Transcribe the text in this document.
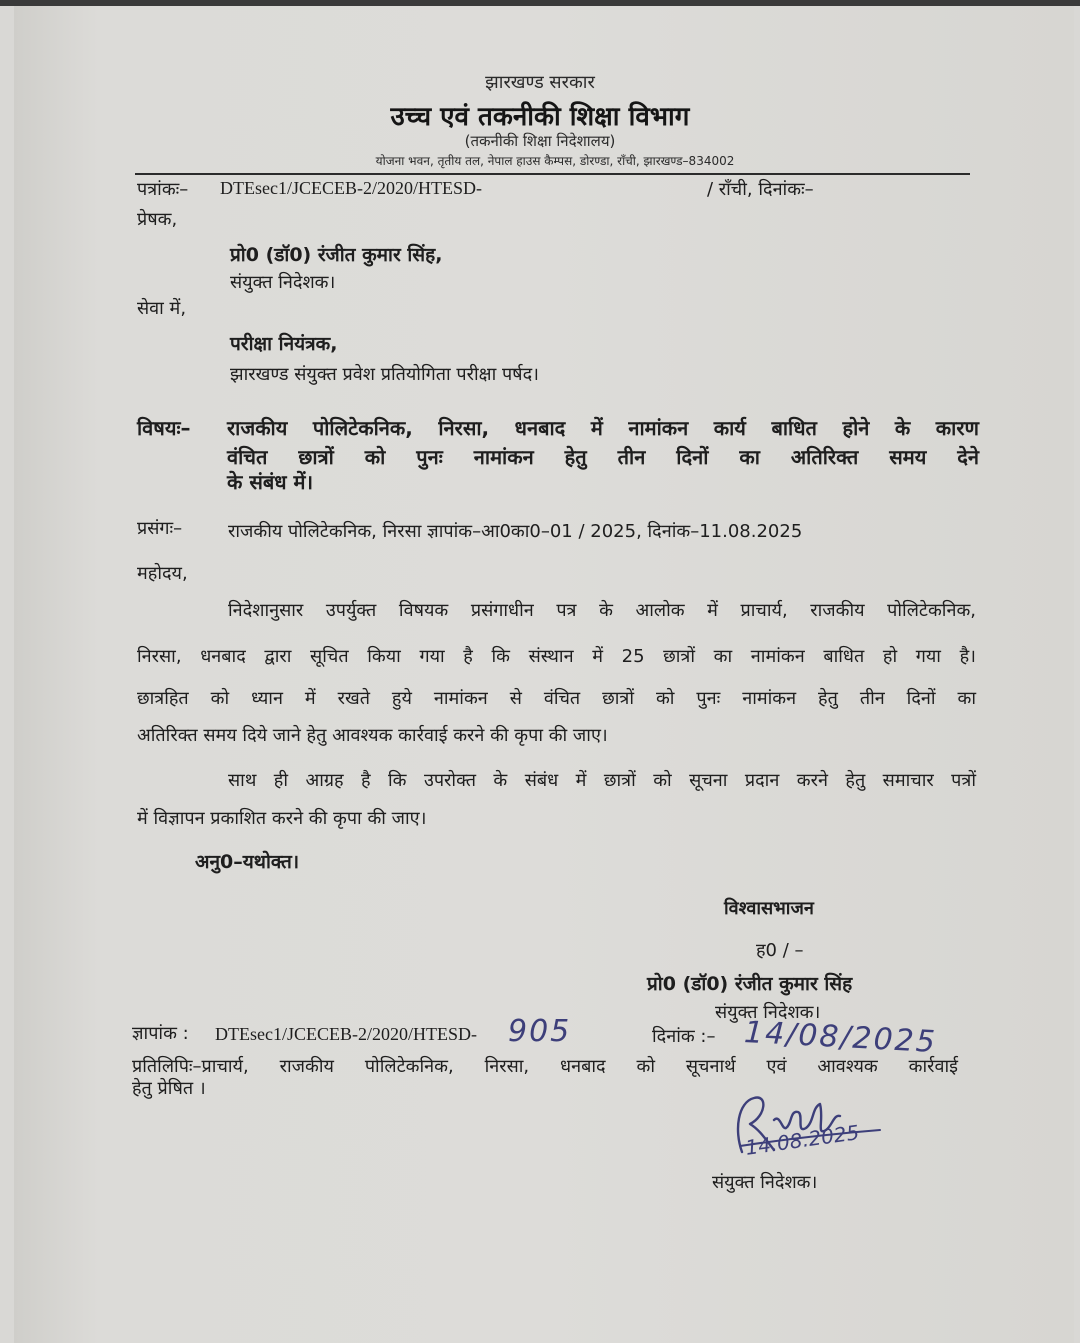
झारखण्ड सरकार
उच्च एवं तकनीकी शिक्षा विभाग
(तकनीकी शिक्षा निदेशालय)
योजना भवन, तृतीय तल, नेपाल हाउस कैम्पस, डोरण्डा, राँची, झारखण्ड–834002
पत्रांकः– DTEsec1/JCECEB-2/2020/HTESD-	/ राँची, दिनांकः–
प्रेषक,
प्रो0 (डॉ0) रंजीत कुमार सिंह,
संयुक्त निदेशक।
सेवा में,
परीक्षा नियंत्रक,
झारखण्ड संयुक्त प्रवेश प्रतियोगिता परीक्षा पर्षद।
विषयः– राजकीय पोलिटेकनिक, निरसा, धनबाद में नामांकन कार्य बाधित होने के कारण
वंचित छात्रों को पुनः नामांकन हेतु तीन दिनों का अतिरिक्त समय देने
के संबंध में।
प्रसंगः–	राजकीय पोलिटेकनिक, निरसा ज्ञापांक–आ0का0–01 / 2025, दिनांक–11.08.2025
महोदय,
निदेशानुसार उपर्युक्त विषयक प्रसंगाधीन पत्र के आलोक में प्राचार्य, राजकीय पोलिटेकनिक,
निरसा, धनबाद द्वारा सूचित किया गया है कि संस्थान में 25 छात्रों का नामांकन बाधित हो गया है।
छात्रहित को ध्यान में रखते हुये नामांकन से वंचित छात्रों को पुनः नामांकन हेतु तीन दिनों का
अतिरिक्त समय दिये जाने हेतु आवश्यक कार्रवाई करने की कृपा की जाए।
साथ ही आग्रह है कि उपरोक्त के संबंध में छात्रों को सूचना प्रदान करने हेतु समाचार पत्रों
में विज्ञापन प्रकाशित करने की कृपा की जाए।
अनु0–यथोक्त।
विश्वासभाजन
ह0 / –
प्रो0 (डॉ0) रंजीत कुमार सिंह
संयुक्त निदेशक।
ज्ञापांक : DTEsec1/JCECEB-2/2020/HTESD- 905	दिनांक :– 14/08/2025
प्रतिलिपिः–प्राचार्य, राजकीय पोलिटेकनिक, निरसा, धनबाद को सूचनार्थ एवं आवश्यक कार्रवाई
हेतु प्रेषित ।
14.08.2025
संयुक्त निदेशक।
